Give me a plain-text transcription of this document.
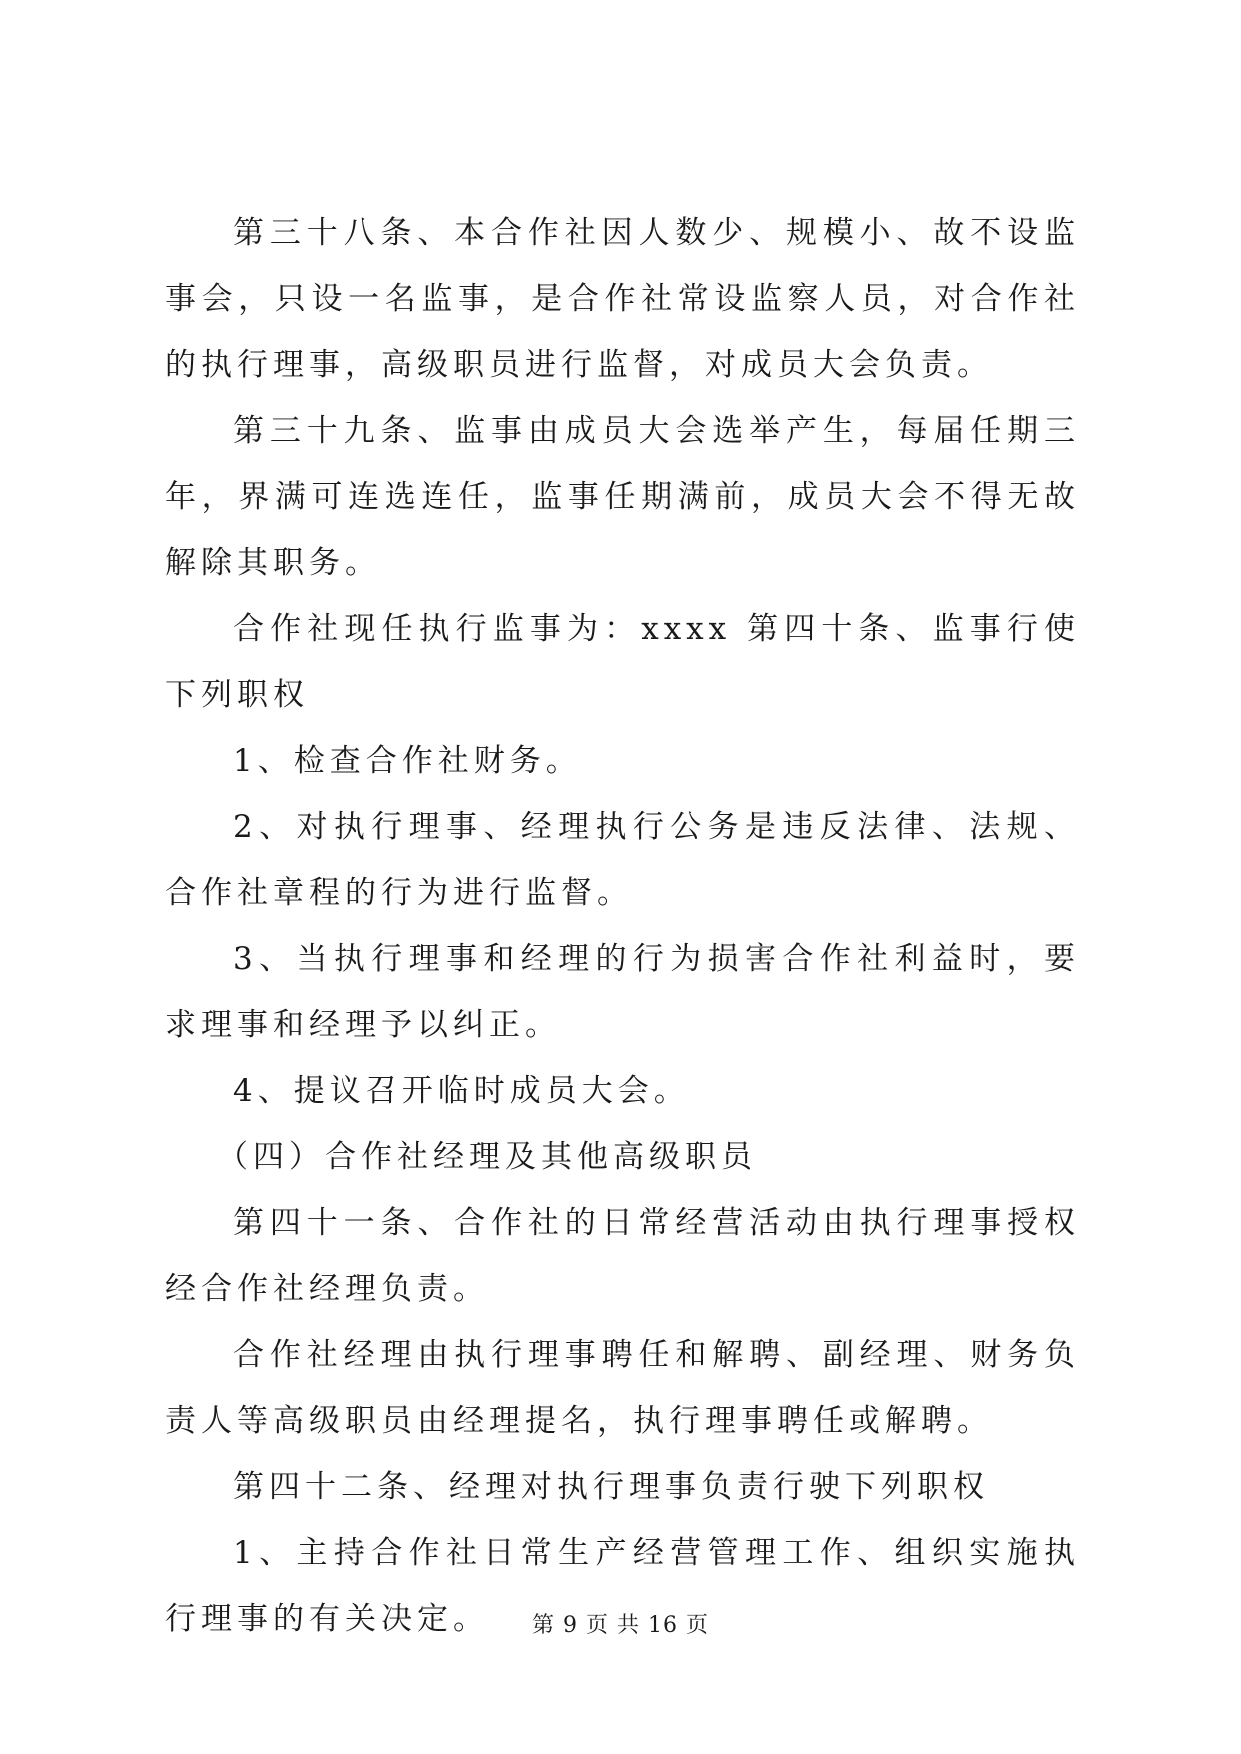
第三十八条、本合作社因人数少、规模小、故不设监事会，只设一名监事，是合作社常设监察人员，对合作社的执行理事，高级职员进行监督，对成员大会负责。

第三十九条、监事由成员大会选举产生，每届任期三年，界满可连选连任，监事任期满前，成员大会不得无故解除其职务。

合作社现任执行监事为：xxxx 第四十条、监事行使下列职权

1、检查合作社财务。

2、对执行理事、经理执行公务是违反法律、法规、合作社章程的行为进行监督。

3、当执行理事和经理的行为损害合作社利益时，要求理事和经理予以纠正。

4、提议召开临时成员大会。

（四）合作社经理及其他高级职员

第四十一条、合作社的日常经营活动由执行理事授权经合作社经理负责。

合作社经理由执行理事聘任和解聘、副经理、财务负责人等高级职员由经理提名，执行理事聘任或解聘。

第四十二条、经理对执行理事负责行驶下列职权

1、主持合作社日常生产经营管理工作、组织实施执行理事的有关决定。	第 9 页 共 16 页
